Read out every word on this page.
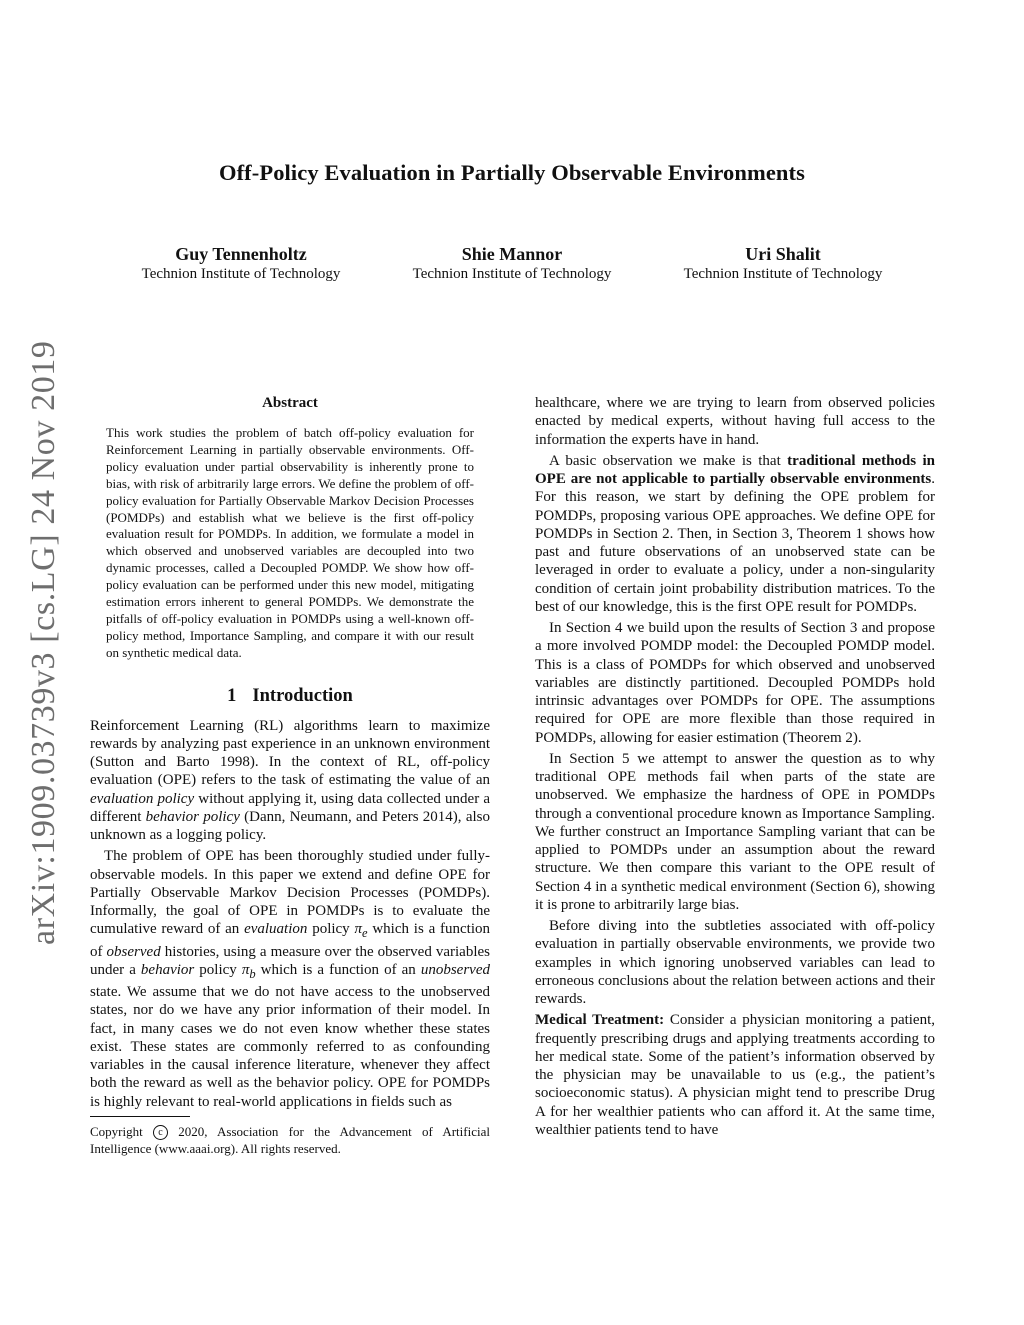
Off-Policy Evaluation in Partially Observable Environments
Guy Tennenholtz
Technion Institute of Technology
Shie Mannor
Technion Institute of Technology
Uri Shalit
Technion Institute of Technology
arXiv:1909.03739v3 [cs.LG] 24 Nov 2019	Abstract
This work studies the problem of batch off-policy evaluation for Reinforcement Learning in partially observable environments. Off-policy evaluation under partial observability is inherently prone to bias, with risk of arbitrarily large errors. We define the problem of off-policy evaluation for Partially Observable Markov Decision Processes (POMDPs) and establish what we believe is the first off-policy evaluation result for POMDPs. In addition, we formulate a model in which observed and unobserved variables are decoupled into two dynamic processes, called a Decoupled POMDP. We show how off-policy evaluation can be performed under this new model, mitigating estimation errors inherent to general POMDPs. We demonstrate the pitfalls of off-policy evaluation in POMDPs using a well-known off-policy method, Importance Sampling, and compare it with our result on synthetic medical data.
1 Introduction

Reinforcement Learning (RL) algorithms learn to maximize rewards by analyzing past experience in an unknown environment (Sutton and Barto 1998). In the context of RL, off-policy evaluation (OPE) refers to the task of estimating the value of an evaluation policy without applying it, using data collected under a different behavior policy (Dann, Neumann, and Peters 2014), also unknown as a logging policy.

The problem of OPE has been thoroughly studied under fully-observable models. In this paper we extend and define OPE for Partially Observable Markov Decision Processes (POMDPs). Informally, the goal of OPE in POMDPs is to evaluate the cumulative reward of an evaluation policy $\pi_e$ which is a function of observed histories, using a measure over the observed variables under a behavior policy $\pi_b$ which is a function of an unobserved state. We assume that we do not have access to the unobserved states, nor do we have any prior information of their model. In fact, in many cases we do not even know whether these states exist. These states are commonly referred to as confounding variables in the causal inference literature, whenever they affect both the reward as well as the behavior policy. OPE for POMDPs is highly relevant to real-world applications in fields such as

Copyright c 2020, Association for the Advancement of Artificial Intelligence (www.aaai.org). All rights reserved.

healthcare, where we are trying to learn from observed policies enacted by medical experts, without having full access to the information the experts have in hand.

A basic observation we make is that traditional methods in OPE are not applicable to partially observable environments. For this reason, we start by defining the OPE problem for POMDPs, proposing various OPE approaches. We define OPE for POMDPs in Section 2. Then, in Section 3, Theorem 1 shows how past and future observations of an unobserved state can be leveraged in order to evaluate a policy, under a non-singularity condition of certain joint probability distribution matrices. To the best of our knowledge, this is the first OPE result for POMDPs.

In Section 4 we build upon the results of Section 3 and propose a more involved POMDP model: the Decoupled POMDP model. This is a class of POMDPs for which observed and unobserved variables are distinctly partitioned. Decoupled POMDPs hold intrinsic advantages over POMDPs for OPE. The assumptions required for OPE are more flexible than those required in POMDPs, allowing for easier estimation (Theorem 2).

In Section 5 we attempt to answer the question as to why traditional OPE methods fail when parts of the state are unobserved. We emphasize the hardness of OPE in POMDPs through a conventional procedure known as Importance Sampling. We further construct an Importance Sampling variant that can be applied to POMDPs under an assumption about the reward structure. We then compare this variant to the OPE result of Section 4 in a synthetic medical environment (Section 6), showing it is prone to arbitrarily large bias.

Before diving into the subtleties associated with off-policy evaluation in partially observable environments, we provide two examples in which ignoring unobserved variables can lead to erroneous conclusions about the relation between actions and their rewards.

Medical Treatment: Consider a physician monitoring a patient, frequently prescribing drugs and applying treatments according to her medical state. Some of the patient’s information observed by the physician may be unavailable to us (e.g., the patient’s socioeconomic status). A physician might tend to prescribe Drug A for her wealthier patients who can afford it. At the same time, wealthier patients tend to have
